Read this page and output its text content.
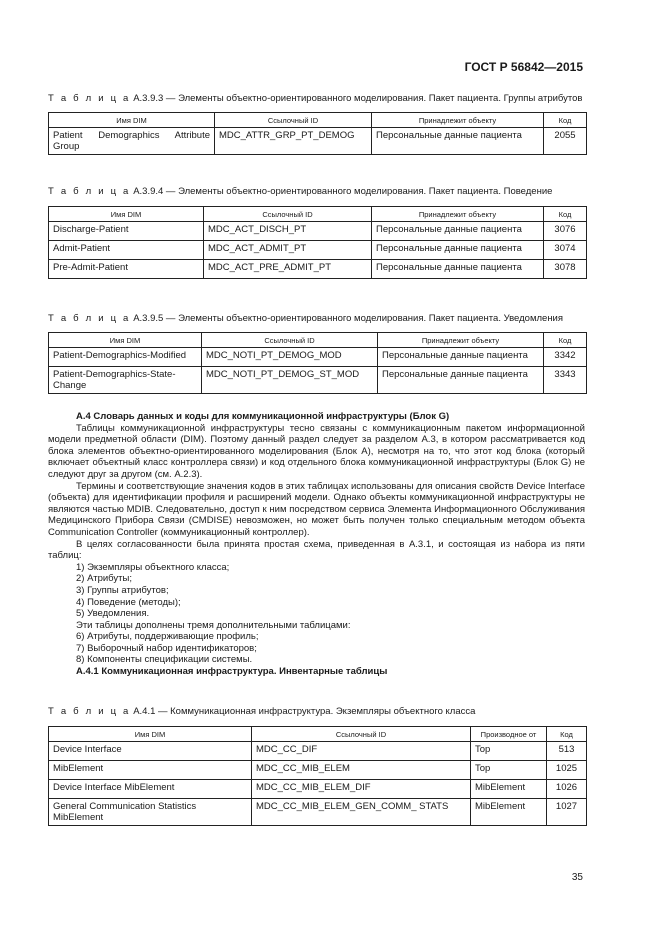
ГОСТ Р 56842—2015
Т а б л и ц а A.3.9.3 — Элементы объектно-ориентированного моделирования. Пакет пациента. Группы атрибутов
Имя DIM	Ссылочный ID	Принадлежит объекту	Код
Patient Demographics Attribute Group	MDC_ATTR_GRP_PT_DEMOG	Персональные данные пациента	2055
Т а б л и ц а A.3.9.4 — Элементы объектно-ориентированного моделирования. Пакет пациента. Поведение
Имя DIM	Ссылочный ID	Принадлежит объекту	Код
Discharge-Patient	MDC_ACT_DISCH_PT	Персональные данные пациента	3076
Admit-Patient	MDC_ACT_ADMIT_PT	Персональные данные пациента	3074
Pre-Admit-Patient	MDC_ACT_PRE_ADMIT_PT	Персональные данные пациента	3078
Т а б л и ц а A.3.9.5 — Элементы объектно-ориентированного моделирования. Пакет пациента. Уведомления
Имя DIM	Ссылочный ID	Принадлежит объекту	Код
Patient-Demographics-Modified	MDC_NOTI_PT_DEMOG_MOD	Персональные данные пациента	3342
Patient-Demographics-State-Change	MDC_NOTI_PT_DEMOG_ST_MOD	Персональные данные пациента	3343

А.4 Словарь данных и коды для коммуникационной инфраструктуры (Блок G)

Таблицы коммуникационной инфраструктуры тесно связаны с коммуникационным пакетом информационной модели предметной области (DIM). Поэтому данный раздел следует за разделом А.3, в котором рассматривается код блока элементов объектно-ориентированного моделирования (Блок А), несмотря на то, что этот код блока (который включает объектный класс контроллера связи) и код отдельного блока коммуникационной инфраструктуры (Блок G) не следуют друг за другом (см. А.2.3).

Термины и соответствующие значения кодов в этих таблицах использованы для описания свойств Device Interface (объекта) для идентификации профиля и расширений модели. Однако объекты коммуникационной инфраструктуры не являются частью MDIB. Следовательно, доступ к ним посредством сервиса Элемента Информационного Обслуживания Медицинского Прибора Связи (CMDISE) невозможен, но может быть получен только специальным методом объекта Communication Controller (коммуникационный контроллер).

В целях согласованности была принята простая схема, приведенная в А.3.1, и состоящая из набора из пяти таблиц:

1) Экземпляры объектного класса;

2) Атрибуты;

3) Группы атрибутов;

4) Поведение (методы);

5) Уведомления.

Эти таблицы дополнены тремя дополнительными таблицами:

6) Атрибуты, поддерживающие профиль;

7) Выборочный набор идентификаторов;

8) Компоненты спецификации системы.

А.4.1 Коммуникационная инфраструктура. Инвентарные таблицы

Т а б л и ц а A.4.1 — Коммуникационная инфраструктура. Экземпляры объектного класса
Имя DIM	Ссылочный ID	Производное от	Код
Device Interface	MDC_CC_DIF	Top	513
MibElement	MDC_CC_MIB_ELEM	Top	1025
Device Interface MibElement	MDC_CC_MIB_ELEM_DIF	MibElement	1026
General Communication Statistics MibElement	MDC_CC_MIB_ELEM_GEN_COMM_ STATS	MibElement	1027
35
